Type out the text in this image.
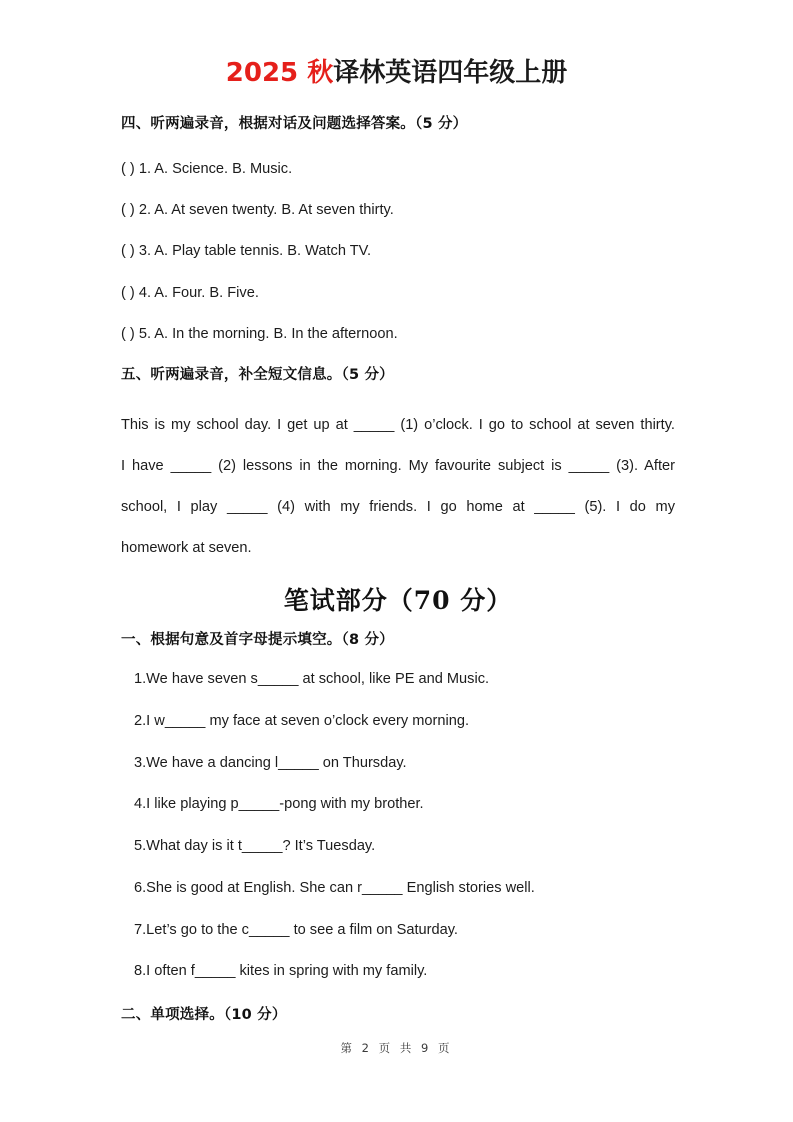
2025 秋译林英语四年级上册
四、听两遍录音，根据对话及问题选择答案。（5 分）
( ) 1. A. Science. B. Music.
( ) 2. A. At seven twenty. B. At seven thirty.
( ) 3. A. Play table tennis. B. Watch TV.
( ) 4. A. Four. B. Five.
( ) 5. A. In the morning. B. In the afternoon.
五、听两遍录音，补全短文信息。（5 分）
This is my school day. I get up at _____ (1) o’clock. I go to school at seven thirty.
I have _____ (2) lessons in the morning. My favourite subject is _____ (3). After
school, I play _____ (4) with my friends. I go home at _____ (5). I do my
homework at seven.
笔试部分（70 分）
一、根据句意及首字母提示填空。（8 分）
1.We have seven s_____ at school, like PE and Music.
2.I w_____ my face at seven o’clock every morning.
3.We have a dancing l_____ on Thursday.
4.I like playing p_____-pong with my brother.
5.What day is it t_____? It’s Tuesday.
6.She is good at English. She can r_____ English stories well.
7.Let’s go to the c_____ to see a film on Saturday.
8.I often f_____ kites in spring with my family.
二、单项选择。（10 分）
第 2 页 共 9 页
